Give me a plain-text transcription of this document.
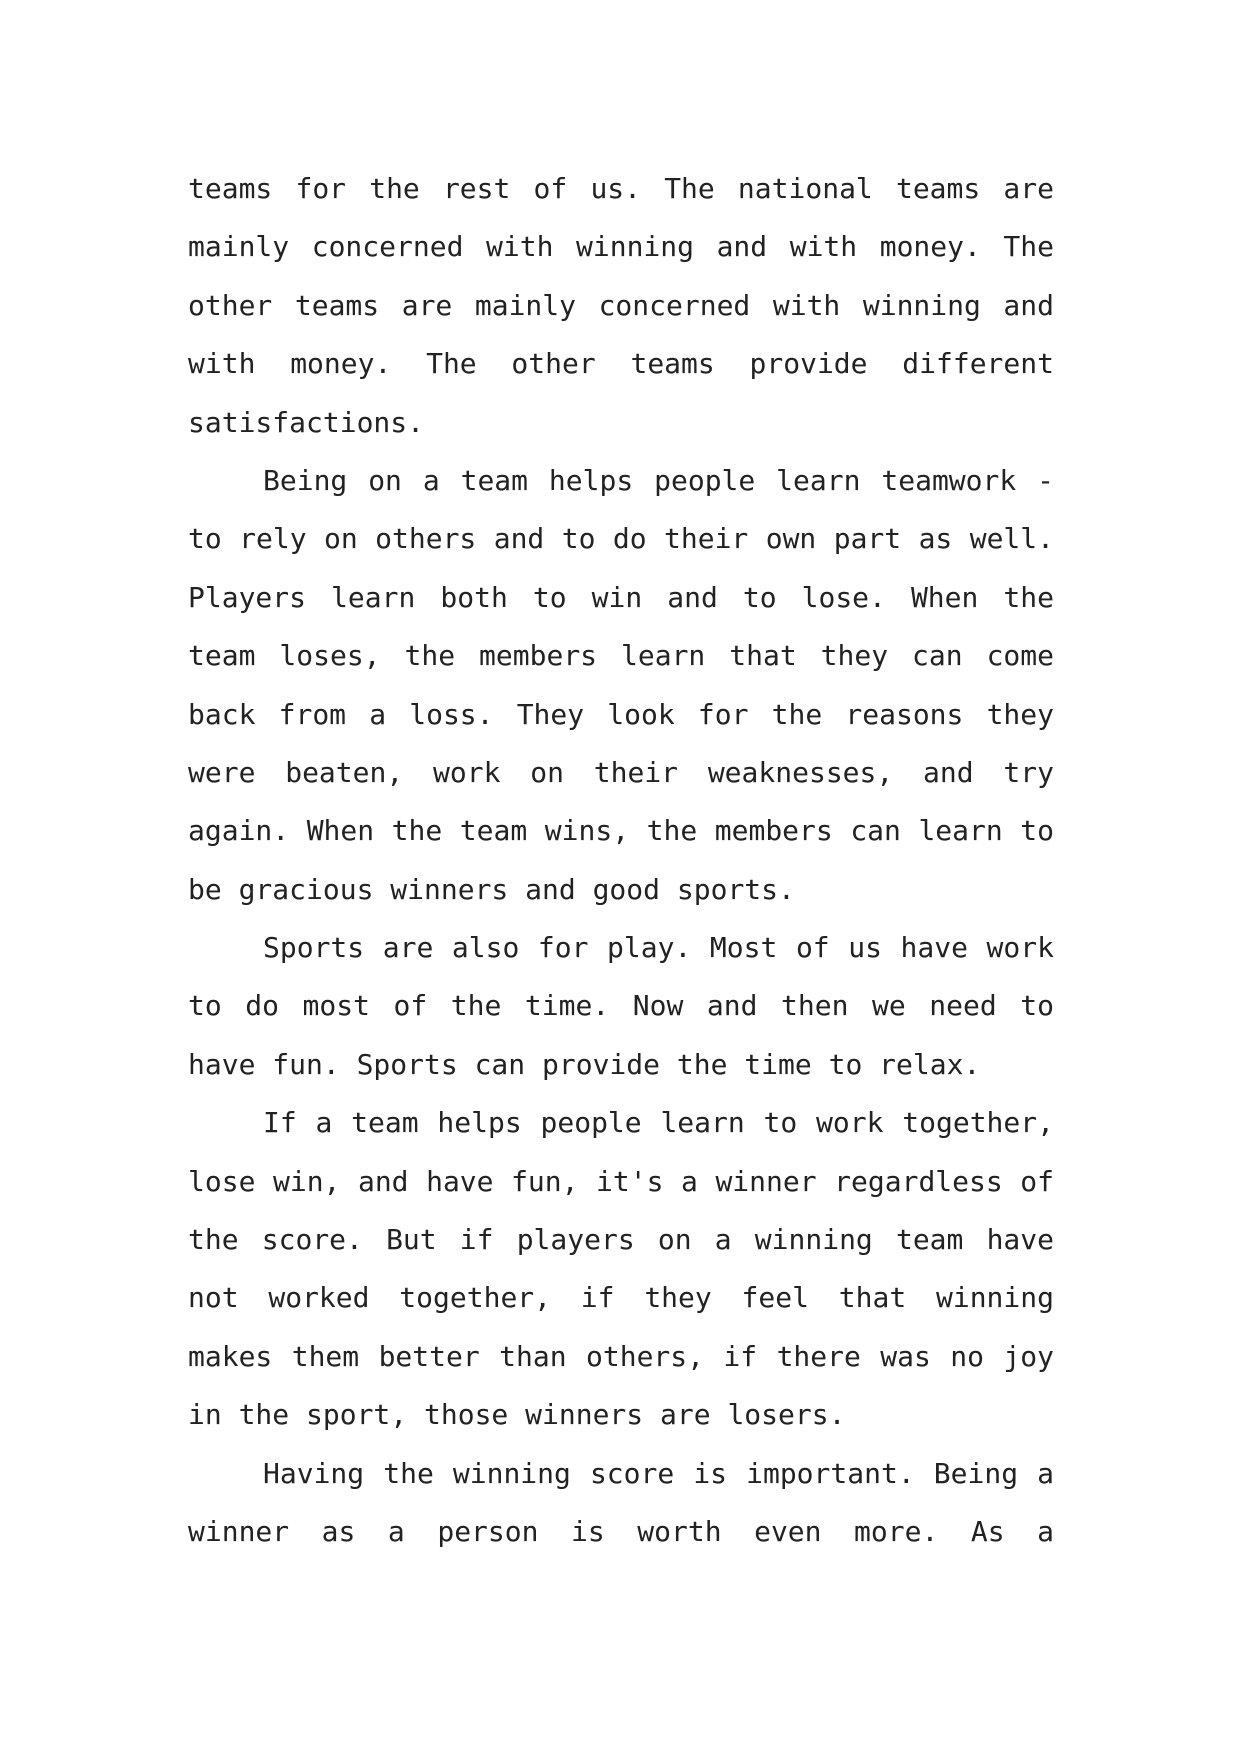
teams for the rest of us. The national teams are
mainly concerned with winning and with money. The
other teams are mainly concerned with winning and
with money. The other teams provide different
satisfactions.
Being on a team helps people learn teamwork -
to rely on others and to do their own part as well.
Players learn both to win and to lose. When the
team loses, the members learn that they can come
back from a loss. They look for the reasons they
were beaten, work on their weaknesses, and try
again. When the team wins, the members can learn to
be gracious winners and good sports.
Sports are also for play. Most of us have work
to do most of the time. Now and then we need to
have fun. Sports can provide the time to relax.
If a team helps people learn to work together,
lose win, and have fun, it's a winner regardless of
the score. But if players on a winning team have
not worked together, if they feel that winning
makes them better than others, if there was no joy
in the sport, those winners are losers.
Having the winning score is important. Being a
winner as a person is worth even more. As a
